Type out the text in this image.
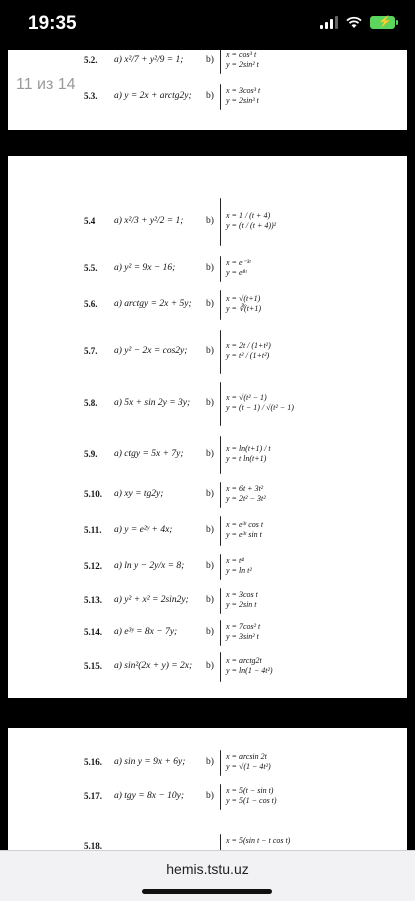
19:35	⚡
5.2. a) x²/7 + y²/9 = 1; b)
x = cos³ t
y = 2sin² t
5.3. a) y = 2x + arctg2y; b)
x = 3cos³ t
y = 2sin³ t
11 из 14
5.4 a) x²/3 + y²/2 = 1; b)
x = 1 / (t + 4)
y = (t / (t + 4))²
5.5. a) y² = 9x − 16;	b)
x = e⁻³ᵗ
y = e⁸ᵗ
5.6. a) arctgy = 2x + 5y; b)
x = √(t+1)
y = ∛(t+1)
5.7. a) y² − 2x = cos2y; b)
x = 2t / (1+t²)
y = t² / (1+t²)
5.8. a) 5x + sin 2y = 3y; b)
x = √(t² − 1)
y = (t − 1) / √(t² − 1)
5.9. a) ctgy = 5x + 7y; b)
x = ln(t+1) / t
y = t ln(t+1)
5.10. a) xy = tg2y;	b)
x = 6t + 3t²
y = 2t² − 3t²
5.11. a) y = e²ʸ + 4x;	b)
x = e³ᵗ cos t
y = e³ᵗ sin t
5.12. a) ln y − 2y/x = 8; b)
x = t⁴
y = ln t²
5.13. a) y² + x² = 2sin2y; b)
x = 3cos t
y = 2sin t
5.14. a) e³ʸ = 8x − 7y;	b)
x = 7cos² t
y = 3sin² t
5.15. a) sin²(2x + y) = 2x; b)
x = arctg2t
y = ln(1 − 4t²)
5.16. a) sin y = 9x + 6y; b)
x = arcsin 2t
y = √(1 − 4t²)
5.17. a) tgy = 8x − 10y; b)
x = 5(t − sin t)
y = 5(1 − cos t)
5.18.
x = 5(sin t − t cos t)
hemis.tstu.uz
